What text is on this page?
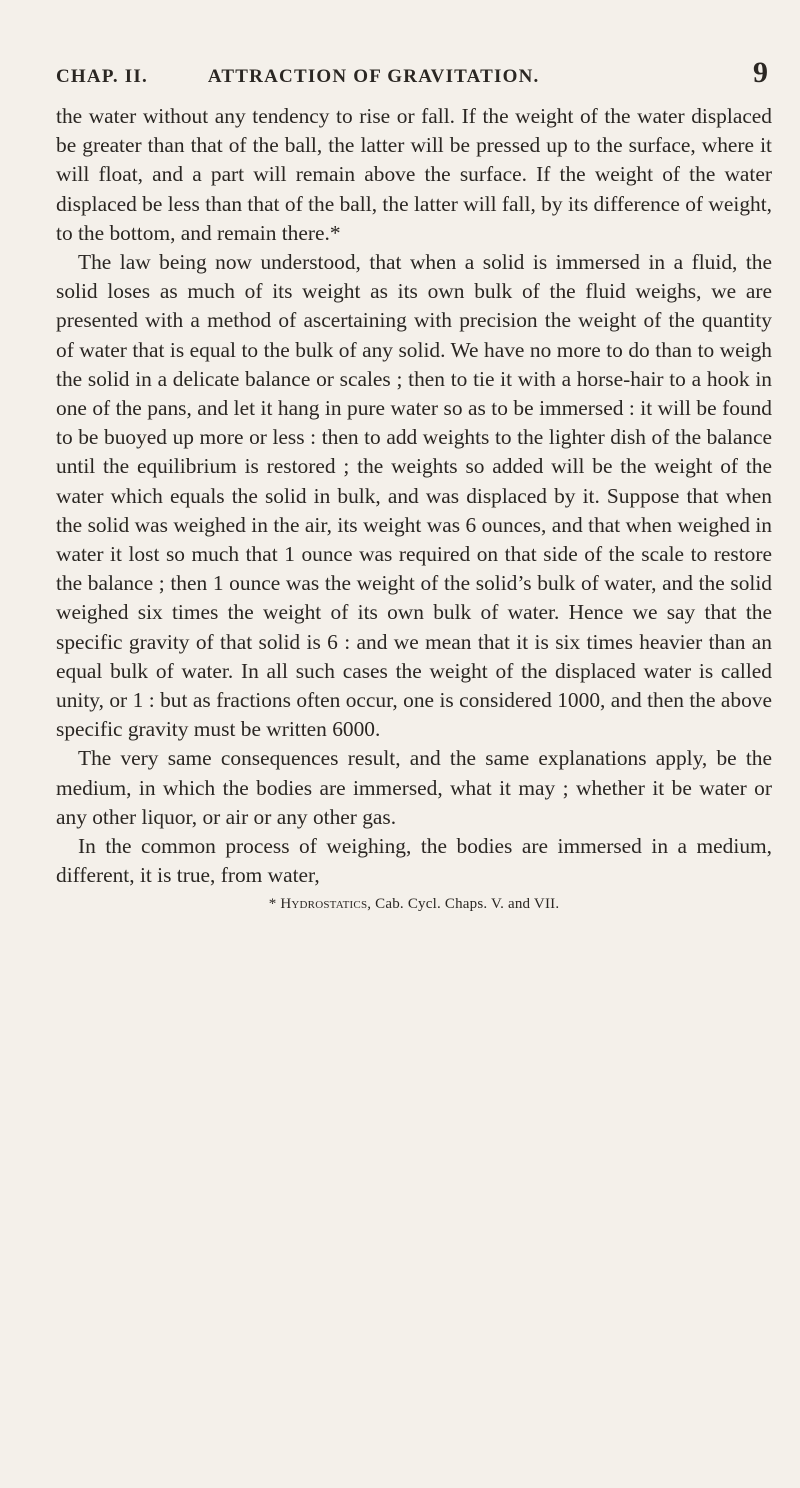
CHAP. II.	ATTRACTION OF GRAVITATION.	9

the water without any tendency to rise or fall. If the weight of the water displaced be greater than that of the ball, the latter will be pressed up to the surface, where it will float, and a part will remain above the surface. If the weight of the water displaced be less than that of the ball, the latter will fall, by its difference of weight, to the bottom, and remain there.*

The law being now understood, that when a solid is immersed in a fluid, the solid loses as much of its weight as its own bulk of the fluid weighs, we are presented with a method of ascertaining with precision the weight of the quantity of water that is equal to the bulk of any solid. We have no more to do than to weigh the solid in a delicate balance or scales ; then to tie it with a horse-hair to a hook in one of the pans, and let it hang in pure water so as to be immersed : it will be found to be buoyed up more or less : then to add weights to the lighter dish of the balance until the equilibrium is restored ; the weights so added will be the weight of the water which equals the solid in bulk, and was displaced by it. Suppose that when the solid was weighed in the air, its weight was 6 ounces, and that when weighed in water it lost so much that 1 ounce was required on that side of the scale to restore the balance ; then 1 ounce was the weight of the solid’s bulk of water, and the solid weighed six times the weight of its own bulk of water. Hence we say that the specific gravity of that solid is 6 : and we mean that it is six times heavier than an equal bulk of water. In all such cases the weight of the displaced water is called unity, or 1 : but as fractions often occur, one is considered 1000, and then the above specific gravity must be written 6000.

The very same consequences result, and the same explanations apply, be the medium, in which the bodies are immersed, what it may ; whether it be water or any other liquor, or air or any other gas.

In the common process of weighing, the bodies are immersed in a medium, different, it is true, from water,

* Hydrostatics, Cab. Cycl. Chaps. V. and VII.
